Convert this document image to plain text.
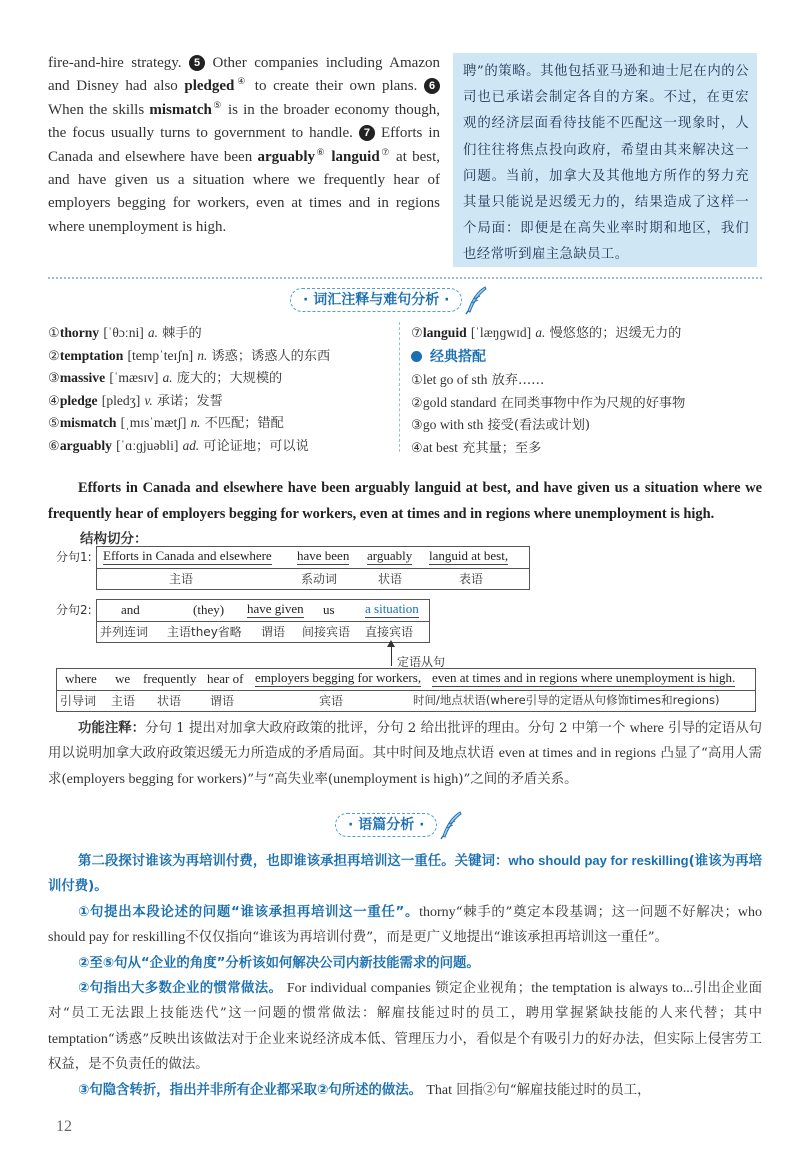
fire-and-hire strategy. 5 Other companies including Amazon and Disney had also pledged④ to create their own plans. 6 When the skills mismatch⑤ is in the broader economy though, the focus usually turns to government to handle. 7 Efforts in Canada and elsewhere have been arguably⑥ languid⑦ at best, and have given us a situation where we frequently hear of employers begging for workers, even at times and in regions where unemployment is high.
聘”的策略。其他包括亚马逊和迪士尼在内的公司也已承诺会制定各自的方案。不过，在更宏观的经济层面看待技能不匹配这一现象时，人们往往将焦点投向政府，希望由其来解决这一问题。当前，加拿大及其他地方所作的努力充其量只能说是迟缓无力的，结果造成了这样一个局面：即便是在高失业率时期和地区，我们也经常听到雇主急缺员工。
· 词汇注释与难句分析 ·
①thorny [ˈθɔːni] a. 棘手的
②temptation [tempˈteɪʃn] n. 诱惑；诱惑人的东西
③massive [ˈmæsɪv] a. 庞大的；大规模的
④pledge [pledʒ] v. 承诺；发誓
⑤mismatch [ˌmɪsˈmætʃ] n. 不匹配；错配
⑥arguably [ˈɑːɡjuəbli] ad. 可论证地；可以说
⑦languid [ˈlæŋɡwɪd] a. 慢悠悠的；迟缓无力的
经典搭配
①let go of sth 放弃……
②gold standard 在同类事物中作为尺规的好事物
③go with sth 接受(看法或计划)
④at best 充其量；至多
Efforts in Canada and elsewhere have been arguably languid at best, and have given us a situation where we frequently hear of employers begging for workers, even at times and in regions where unemployment is high.
结构切分：
分句1: Efforts in Canada and elsewhere
主语
have been
系动词
arguably
状语
languid at best,
表语
分句2: and
并列连词
(they)
主语they省略
have given
谓语
us
间接宾语
a situation
直接宾语
定语从句
where
引导词
we
主语
frequently
状语
hear of
谓语
employers begging for workers,
宾语
even at times and in regions where unemployment is high.
时间/地点状语(where引导的定语从句修饰times和regions)
功能注释：分句 1 提出对加拿大政府政策的批评，分句 2 给出批评的理由。分句 2 中第一个 where 引导的定语从句用以说明加拿大政府政策迟缓无力所造成的矛盾局面。其中时间及地点状语 even at times and in regions 凸显了“高用人需求(employers begging for workers)”与“高失业率(unemployment is high)”之间的矛盾关系。
· 语篇分析 ·

第二段探讨谁该为再培训付费，也即谁该承担再培训这一重任。关键词：who should pay for reskilling(谁该为再培训付费)。

①句提出本段论述的问题“谁该承担再培训这一重任”。thorny“棘手的”奠定本段基调；这一问题不好解决；who should pay for reskilling不仅仅指向“谁该为再培训付费”，而是更广义地提出“谁该承担再培训这一重任”。

②至⑤句从“企业的角度”分析该如何解决公司内新技能需求的问题。

②句指出大多数企业的惯常做法。 For individual companies 锁定企业视角；the temptation is always to...引出企业面对“员工无法跟上技能迭代”这一问题的惯常做法：解雇技能过时的员工，聘用掌握紧缺技能的人来代替；其中 temptation“诱惑”反映出该做法对于企业来说经济成本低、管理压力小，看似是个有吸引力的好办法，但实际上侵害劳工权益，是不负责任的做法。

③句隐含转折，指出并非所有企业都采取②句所述的做法。 That 回指②句“解雇技能过时的员工，

12
